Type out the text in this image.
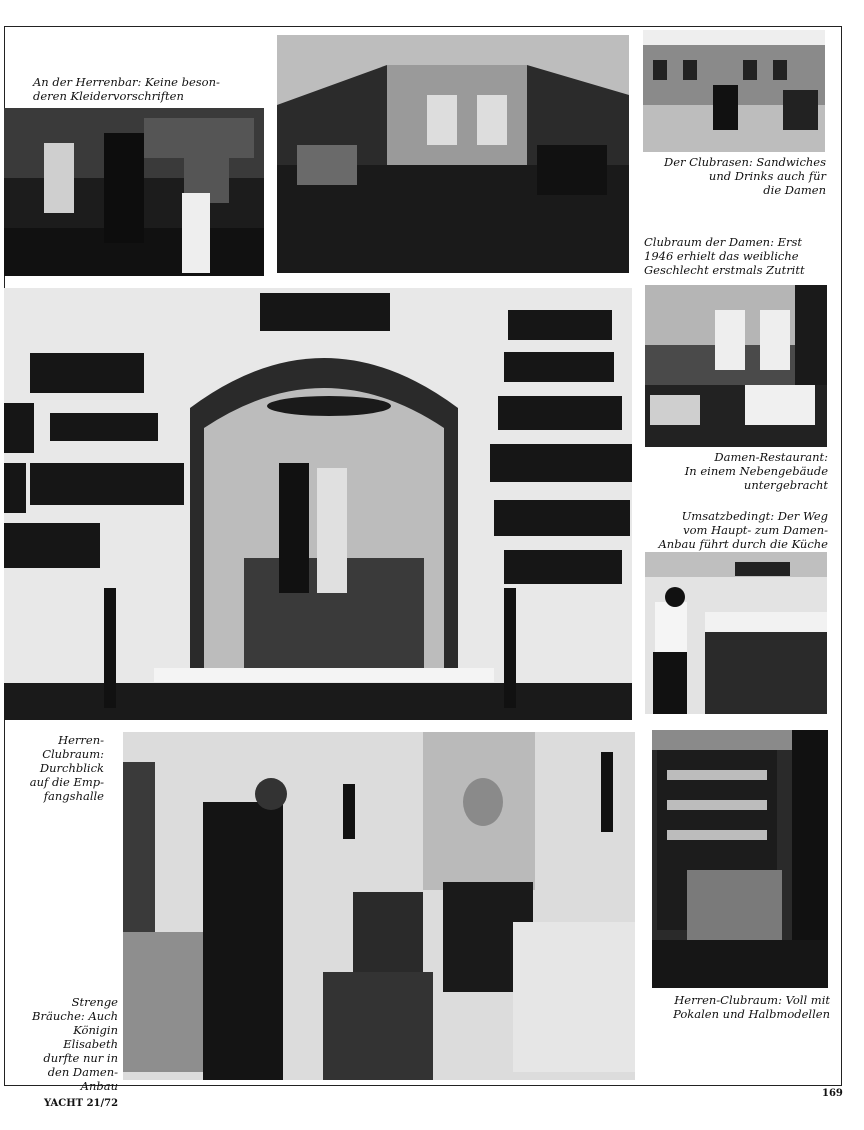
An der Herrenbar: Keine beson-
deren Kleidervorschriften
Der Clubrasen: Sandwiches
und Drinks auch für
die Damen
Clubraum der Damen: Erst
1946 erhielt das weibliche
Geschlecht erstmals Zutritt
Damen-Restaurant:
In einem Nebengebäude
untergebracht
Umsatzbedingt: Der Weg
vom Haupt- zum Damen-
Anbau führt durch die Küche
Herren-
Clubraum:
Durchblick
auf die Emp-
fangshalle
Strenge
Bräuche: Auch
Königin
Elisabeth
durfte nur in
den Damen-
Anbau
Herren-Clubraum: Voll mit
Pokalen und Halbmodellen
YACHT 21/72
169
